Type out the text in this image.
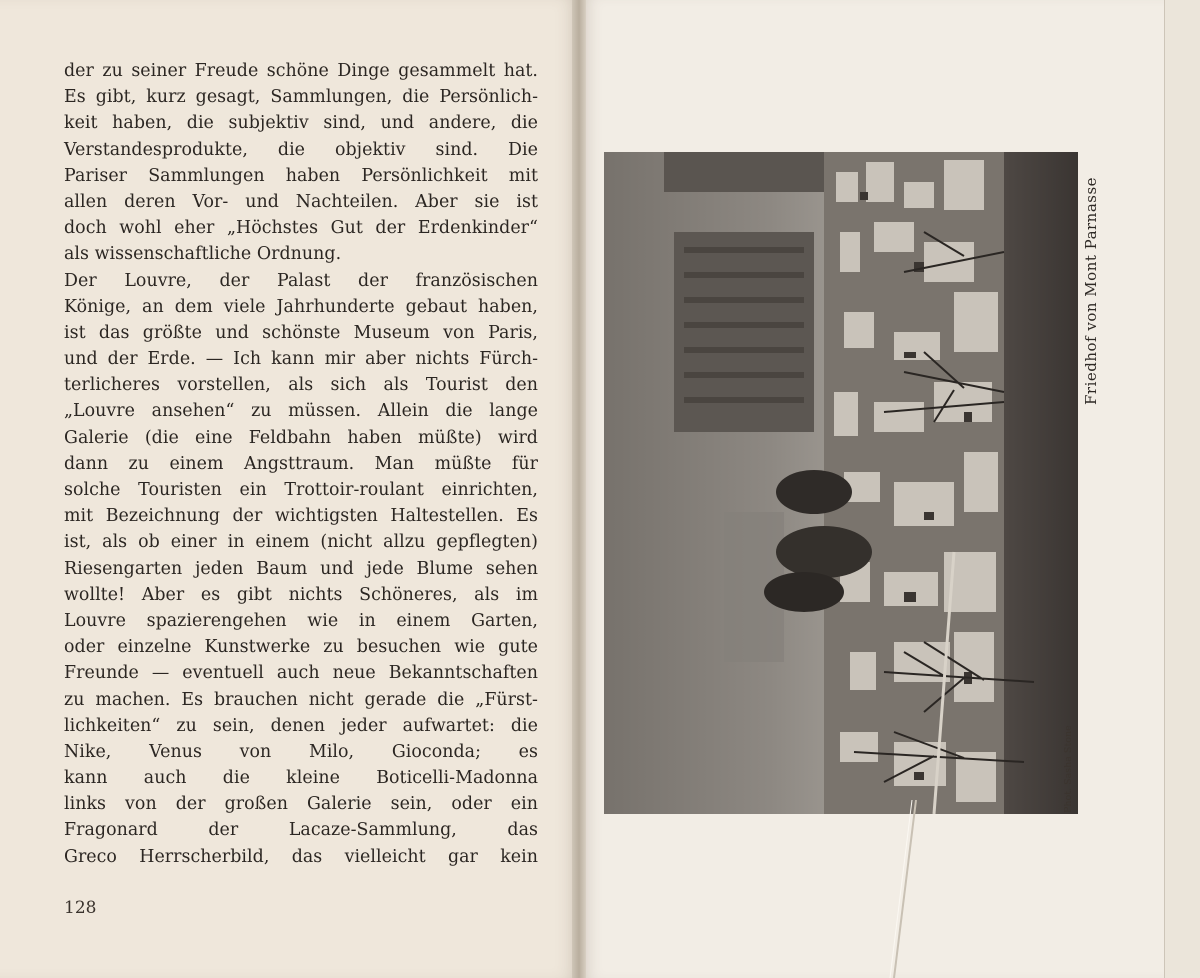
der zu seiner Freude schöne Dinge gesammelt hat.
Es gibt, kurz gesagt, Sammlungen, die Persönlich-
keit haben, die subjektiv sind, und andere, die
Verstandesprodukte, die objektiv sind. Die
Pariser Sammlungen haben Persönlichkeit mit
allen deren Vor- und Nachteilen. Aber sie ist
doch wohl eher „Höchstes Gut der Erdenkinder“
als wissenschaftliche Ordnung.
Der Louvre, der Palast der französischen
Könige, an dem viele Jahrhunderte gebaut haben,
ist das größte und schönste Museum von Paris,
und der Erde. — Ich kann mir aber nichts Fürch-
terlicheres vorstellen, als sich als Tourist den
„Louvre ansehen“ zu müssen. Allein die lange
Galerie (die eine Feldbahn haben müßte) wird
dann zu einem Angsttraum. Man müßte für
solche Touristen ein Trottoir-roulant einrichten,
mit Bezeichnung der wichtigsten Haltestellen. Es
ist, als ob einer in einem (nicht allzu gepflegten)
Riesengarten jeden Baum und jede Blume sehen
wollte! Aber es gibt nichts Schöneres, als im
Louvre spazierengehen wie in einem Garten,
oder einzelne Kunstwerke zu besuchen wie gute
Freunde — eventuell auch neue Bekanntschaften
zu machen. Es brauchen nicht gerade die „Fürst-
lichkeiten“ zu sein, denen jeder aufwartet: die
Nike, Venus von Milo, Gioconda; es
kann auch die kleine Boticelli-Madonna
links von der großen Galerie sein, oder ein
Fragonard der Lacaze-Sammlung, das
Greco Herrscherbild, das vielleicht gar kein
128
Friedhof von Mont Parnasse
Phot. Sasha Stone
